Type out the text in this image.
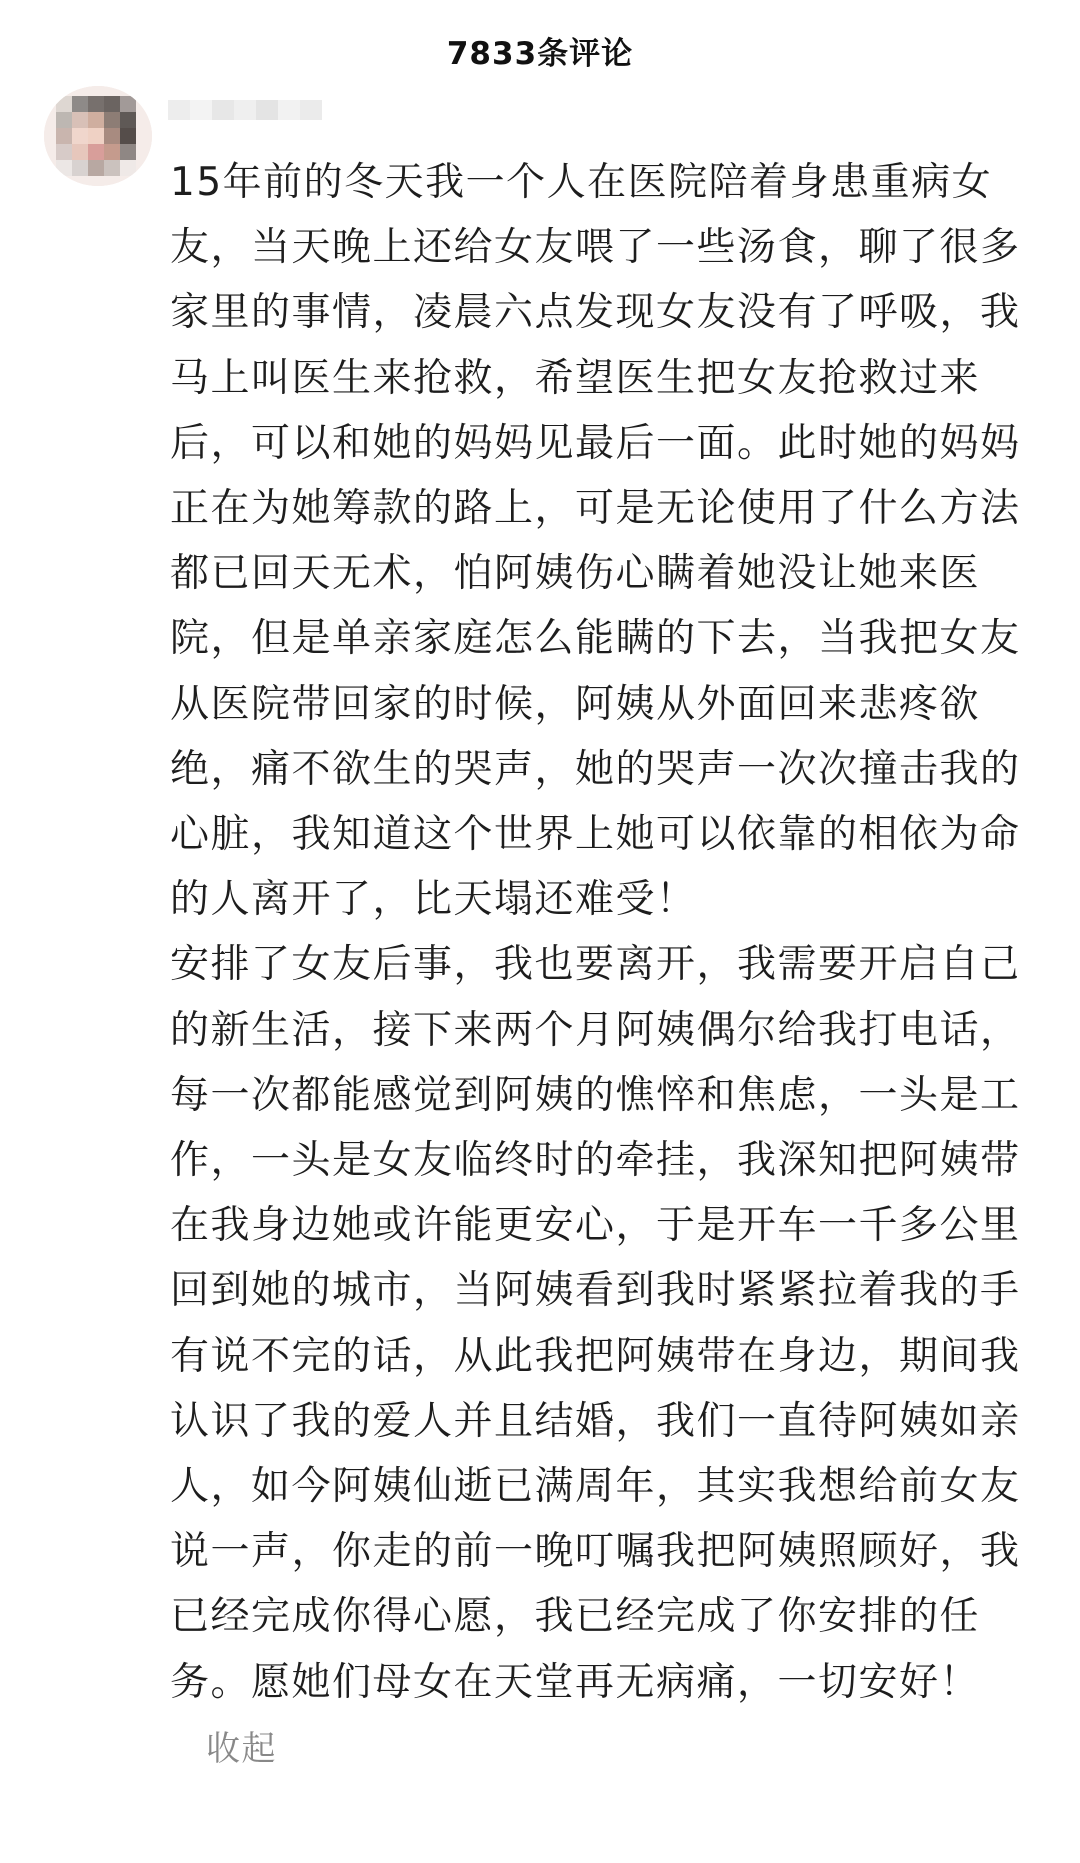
7833条评论

15年前的冬天我一个人在医院陪着身患重病女友，当天晚上还给女友喂了一些汤食，聊了很多家里的事情，凌晨六点发现女友没有了呼吸，我马上叫医生来抢救，希望医生把女友抢救过来后，可以和她的妈妈见最后一面。此时她的妈妈正在为她筹款的路上，可是无论使用了什么方法都已回天无术，怕阿姨伤心瞒着她没让她来医院，但是单亲家庭怎么能瞒的下去，当我把女友从医院带回家的时候，阿姨从外面回来悲疼欲绝，痛不欲生的哭声，她的哭声一次次撞击我的心脏，我知道这个世界上她可以依靠的相依为命的人离开了，比天塌还难受！

安排了女友后事，我也要离开，我需要开启自己的新生活，接下来两个月阿姨偶尔给我打电话，每一次都能感觉到阿姨的憔悴和焦虑，一头是工作，一头是女友临终时的牵挂，我深知把阿姨带在我身边她或许能更安心，于是开车一千多公里回到她的城市，当阿姨看到我时紧紧拉着我的手有说不完的话，从此我把阿姨带在身边，期间我认识了我的爱人并且结婚，我们一直待阿姨如亲人，如今阿姨仙逝已满周年，其实我想给前女友说一声，你走的前一晚叮嘱我把阿姨照顾好，我已经完成你得心愿，我已经完成了你安排的任务。愿她们母女在天堂再无病痛，一切安好！收起
